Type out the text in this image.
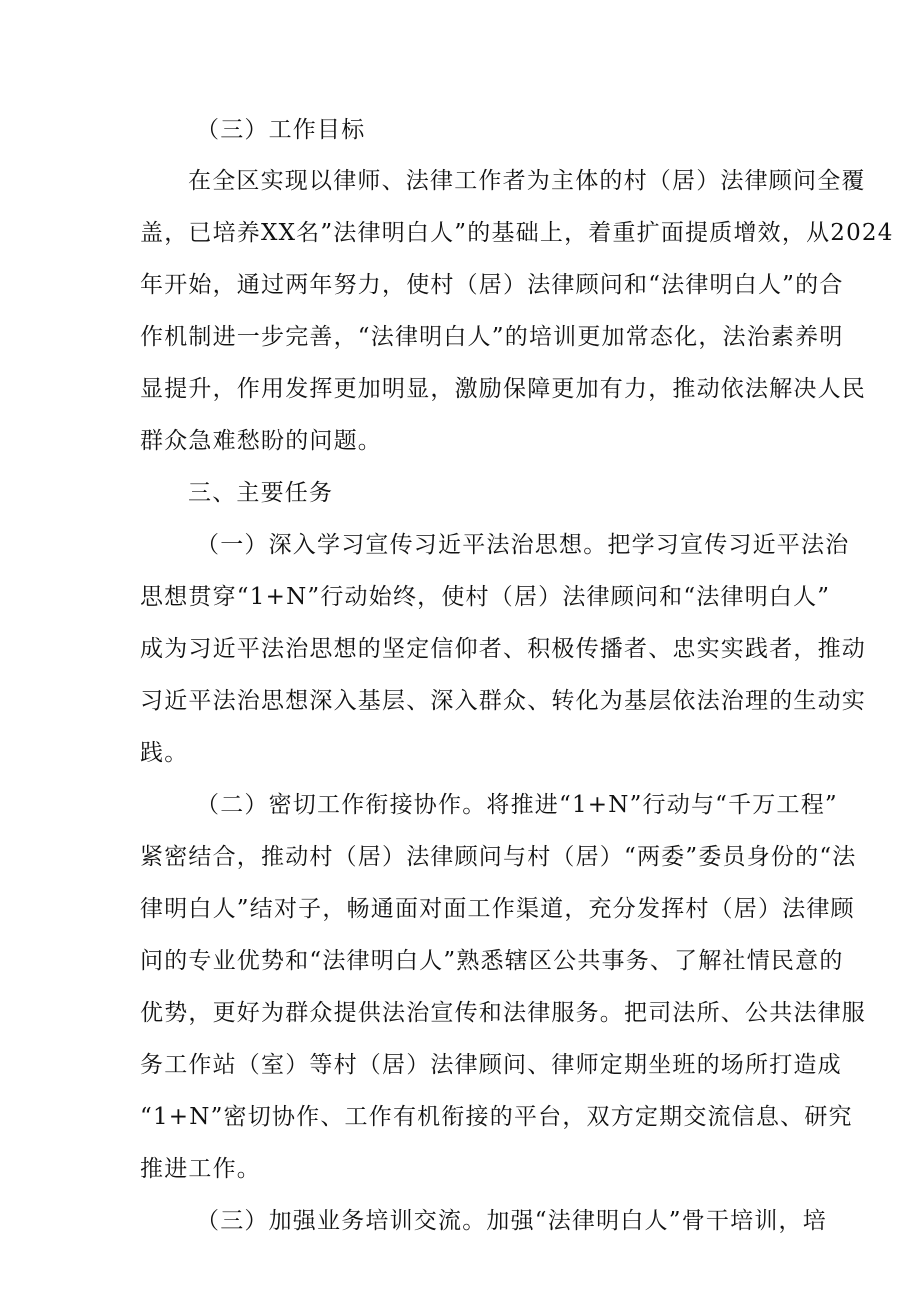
（三）工作目标
在全区实现以律师、法律工作者为主体的村（居）法律顾问全覆
盖，已培养XX名”法律明白人”的基础上，着重扩面提质增效，从2024
年开始，通过两年努力，使村（居）法律顾问和“法律明白人”的合
作机制进一步完善，“法律明白人”的培训更加常态化，法治素养明
显提升，作用发挥更加明显，激励保障更加有力，推动依法解决人民
群众急难愁盼的问题。
三、主要任务
（一）深入学习宣传习近平法治思想。把学习宣传习近平法治
思想贯穿“1+N”行动始终，使村（居）法律顾问和“法律明白人”
成为习近平法治思想的坚定信仰者、积极传播者、忠实实践者，推动
习近平法治思想深入基层、深入群众、转化为基层依法治理的生动实
践。
（二）密切工作衔接协作。将推进“1+N”行动与“千万工程”
紧密结合，推动村（居）法律顾问与村（居）“两委”委员身份的“法
律明白人”结对子，畅通面对面工作渠道，充分发挥村（居）法律顾
问的专业优势和“法律明白人”熟悉辖区公共事务、了解社情民意的
优势，更好为群众提供法治宣传和法律服务。把司法所、公共法律服
务工作站（室）等村（居）法律顾问、律师定期坐班的场所打造成
“1+N”密切协作、工作有机衔接的平台，双方定期交流信息、研究
推进工作。
（三）加强业务培训交流。加强“法律明白人”骨干培训，培
